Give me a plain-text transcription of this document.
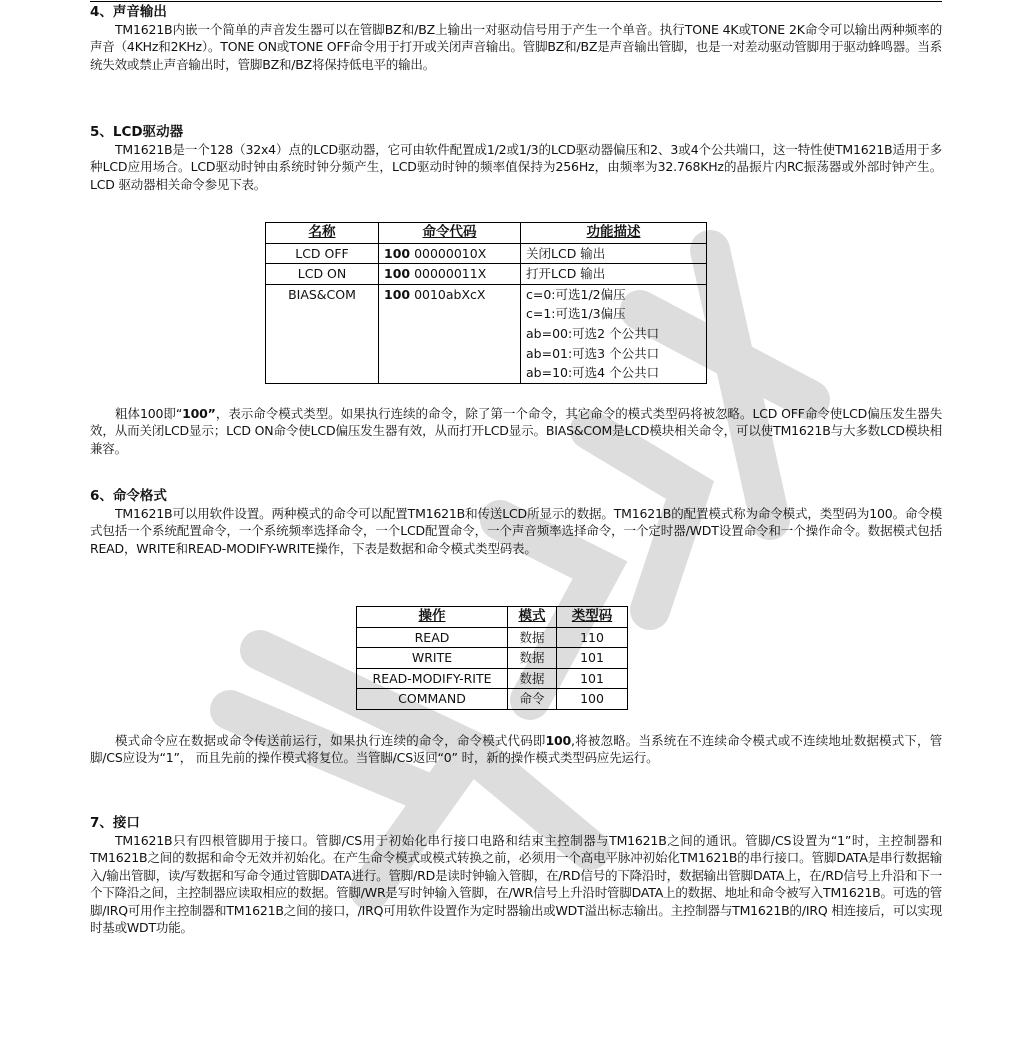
4、声音输出

TM1621B内嵌一个简单的声音发生器可以在管脚BZ和/BZ上输出一对驱动信号用于产生一个单音。执行TONE 4K或TONE 2K命令可以输出两种频率的声音（4KHz和2KHz）。TONE ON或TONE OFF命令用于打开或关闭声音输出。管脚BZ和/BZ是声音输出管脚，也是一对差动驱动管脚用于驱动蜂鸣器。当系统失效或禁止声音输出时，管脚BZ和/BZ将保持低电平的输出。

5、LCD驱动器

TM1621B是一个128（32x4）点的LCD驱动器，它可由软件配置成1/2或1/3的LCD驱动器偏压和2、3或4个公共端口，这一特性使TM1621B适用于多种LCD应用场合。LCD驱动时钟由系统时钟分频产生，LCD驱动时钟的频率值保持为256Hz，由频率为32.768KHz的晶振片内RC振荡器或外部时钟产生。LCD 驱动器相关命令参见下表。

名称	命令代码	功能描述
LCD OFF	100 00000010X	关闭LCD 输出
LCD ON	100 00000011X	打开LCD 输出
BIAS&COM	100 0010abXcX	c=0:可选1/2偏压
c=1:可选1/3偏压
ab=00:可选2 个公共口
ab=01:可选3 个公共口
ab=10:可选4 个公共口

粗体100即“100”，表示命令模式类型。如果执行连续的命令，除了第一个命令，其它命令的模式类型码将被忽略。LCD OFF命令使LCD偏压发生器失效，从而关闭LCD显示；LCD ON命令使LCD偏压发生器有效，从而打开LCD显示。BIAS&COM是LCD模块相关命令，可以使TM1621B与大多数LCD模块相兼容。

6、命令格式

TM1621B可以用软件设置。两种模式的命令可以配置TM1621B和传送LCD所显示的数据。TM1621B的配置模式称为命令模式，类型码为100。命令模式包括一个系统配置命令，一个系统频率选择命令，一个LCD配置命令，一个声音频率选择命令，一个定时器/WDT设置命令和一个操作命令。数据模式包括READ，WRITE和READ-MODIFY-WRITE操作，下表是数据和命令模式类型码表。

操作	模式	类型码
READ	数据	110
WRITE	数据	101
READ-MODIFY-RITE	数据	101
COMMAND	命令	100

模式命令应在数据或命令传送前运行，如果执行连续的命令，命令模式代码即100,将被忽略。当系统在不连续命令模式或不连续地址数据模式下，管脚/CS应设为“1”， 而且先前的操作模式将复位。当管脚/CS返回“0” 时，新的操作模式类型码应先运行。

7、接口

TM1621B只有四根管脚用于接口。管脚/CS用于初始化串行接口电路和结束主控制器与TM1621B之间的通讯。管脚/CS设置为“1”时，主控制器和TM1621B之间的数据和命令无效并初始化。在产生命令模式或模式转换之前，必须用一个高电平脉冲初始化TM1621B的串行接口。管脚DATA是串行数据输入/输出管脚，读/写数据和写命令通过管脚DATA进行。管脚/RD是读时钟输入管脚，在/RD信号的下降沿时，数据输出管脚DATA上，在/RD信号上升沿和下一个下降沿之间，主控制器应读取相应的数据。管脚/WR是写时钟输入管脚，在/WR信号上升沿时管脚DATA上的数据、地址和命令被写入TM1621B。可选的管脚/IRQ可用作主控制器和TM1621B之间的接口，/IRQ可用软件设置作为定时器输出或WDT溢出标志输出。主控制器与TM1621B的/IRQ 相连接后，可以实现时基或WDT功能。
